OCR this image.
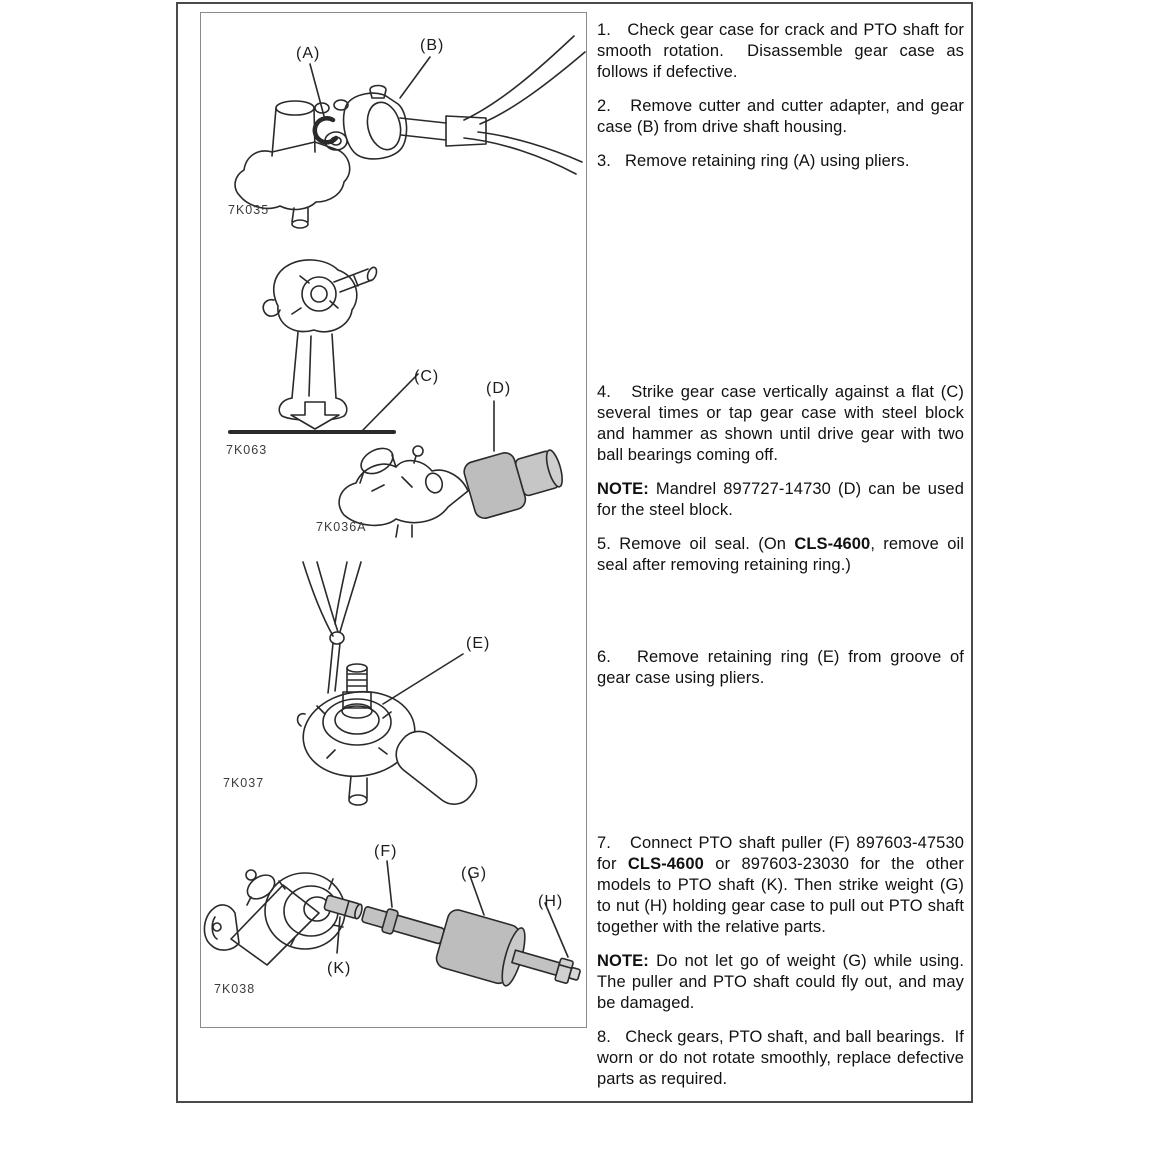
(A)	(B)
7K035
(C)
7K063
(D)
7K036A
(E)
7K037
(F)
(G)
(H)
(K)
7K038

1.   Check gear case for crack and PTO shaft for smooth rotation.  Disassemble gear case as follows if defective.

2.   Remove cutter and cutter adapter, and gear case (B) from drive shaft housing.

3.   Remove retaining ring (A) using pliers.

4.   Strike gear case vertically against a flat (C) several times or tap gear case with steel block and hammer as shown until drive gear with two ball bearings coming off.

NOTE: Mandrel 897727-14730 (D) can be used for the steel block.

5. Remove oil seal. (On CLS-4600, remove oil seal after removing retaining ring.)

6.   Remove retaining ring (E) from groove of gear case using pliers.

7.   Connect PTO shaft puller (F) 897603-47530 for CLS-4600 or 897603-23030 for the other models to PTO shaft (K). Then strike weight (G) to nut (H) holding gear case to pull out PTO shaft together with the relative parts.

NOTE: Do not let go of weight (G) while using. The puller and PTO shaft could fly out, and may be damaged.

8.   Check gears, PTO shaft, and ball bearings.  If worn or do not rotate smoothly, replace defective parts as required.
